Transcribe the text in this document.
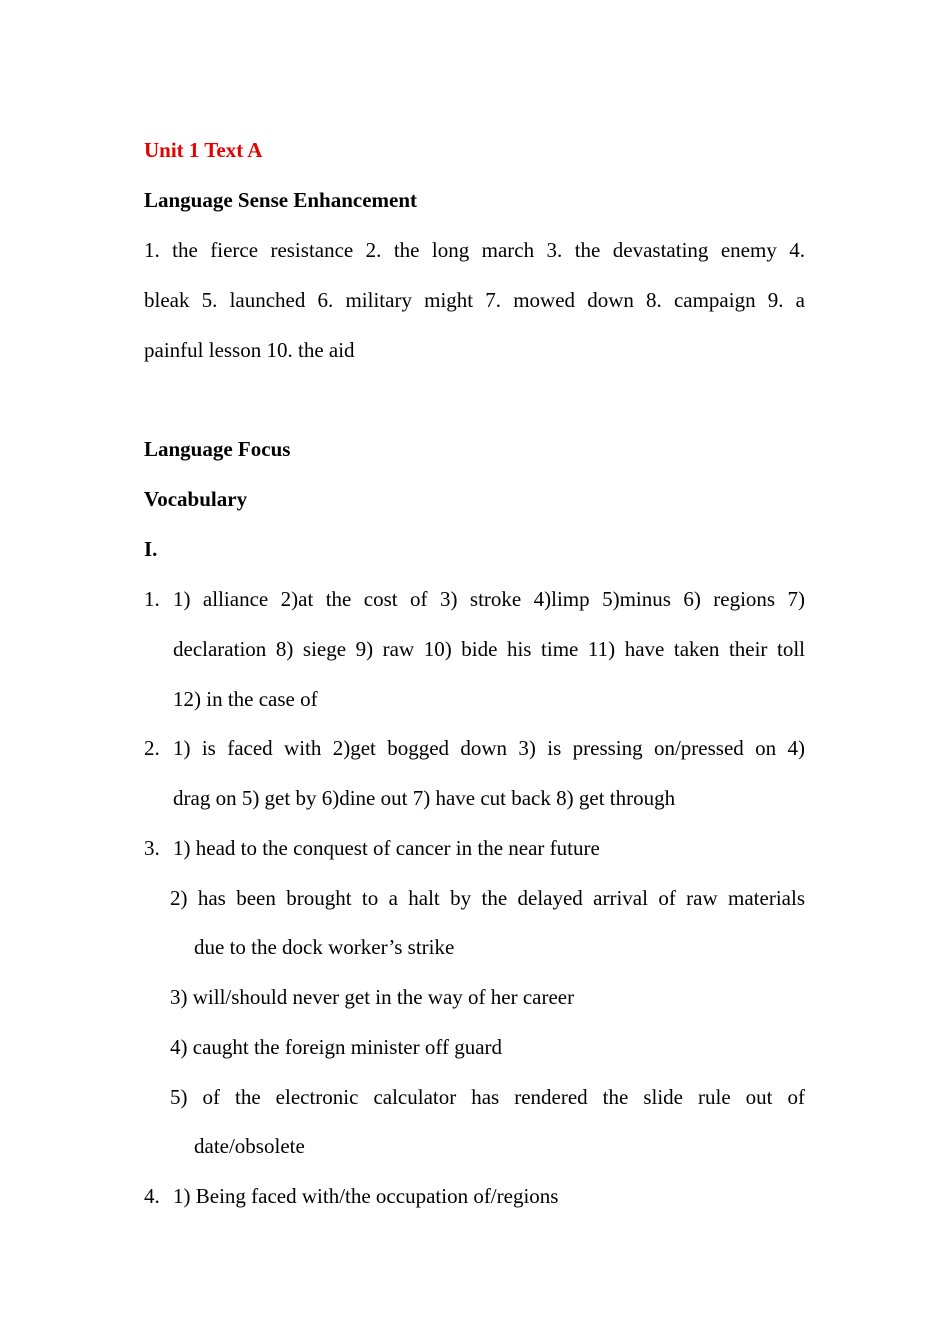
Unit 1 Text A

Language Sense Enhancement

1. the fierce resistance 2. the long march 3. the devastating enemy 4.

bleak 5. launched 6. military might 7. mowed down 8. campaign 9. a

painful lesson 10. the aid

Language Focus

Vocabulary

I.

1. 1) alliance 2)at the cost of 3) stroke 4)limp 5)minus 6) regions 7)

declaration 8) siege 9) raw 10) bide his time 11) have taken their toll

12) in the case of

2. 1) is faced with 2)get bogged down 3) is pressing on/pressed on 4)

drag on 5) get by 6)dine out 7) have cut back 8) get through

3. 1) head to the conquest of cancer in the near future

2) has been brought to a halt by the delayed arrival of raw materials

due to the dock worker’s strike

3) will/should never get in the way of her career

4) caught the foreign minister off guard

5) of the electronic calculator has rendered the slide rule out of

date/obsolete

4. 1) Being faced with/the occupation of/regions
